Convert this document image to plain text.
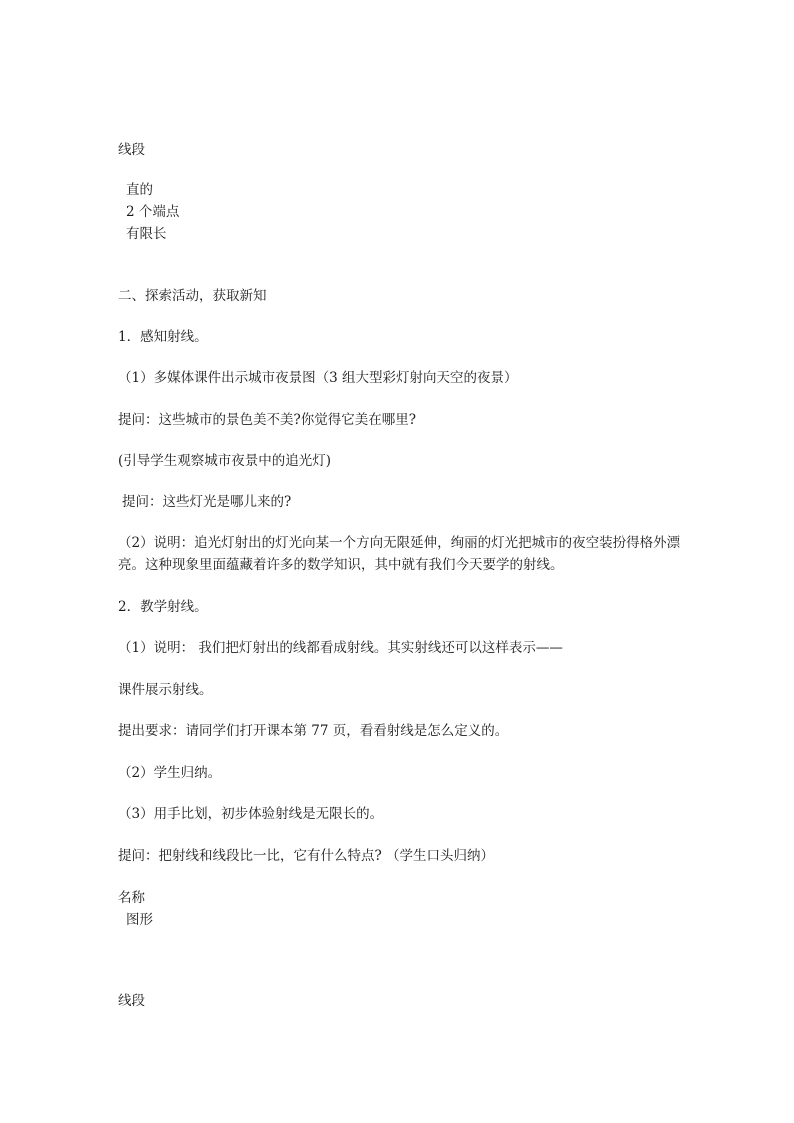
线段
直的
2 个端点
有限长
二、探索活动，获取新知
1．感知射线。
（1）多媒体课件出示城市夜景图（3 组大型彩灯射向天空的夜景）
提问：这些城市的景色美不美?你觉得它美在哪里?
(引导学生观察城市夜景中的追光灯)
提问：这些灯光是哪儿来的?
（2）说明：追光灯射出的灯光向某一个方向无限延伸，绚丽的灯光把城市的夜空装扮得格外漂亮。这种现象里面蕴藏着许多的数学知识，其中就有我们今天要学的射线。
2．教学射线。
（1）说明： 我们把灯射出的线都看成射线。其实射线还可以这样表示——
课件展示射线。
提出要求：请同学们打开课本第 77 页，看看射线是怎么定义的。
（2）学生归纳。
（3）用手比划，初步体验射线是无限长的。
提问：把射线和线段比一比，它有什么特点? （学生口头归纳）
名称
图形
线段
